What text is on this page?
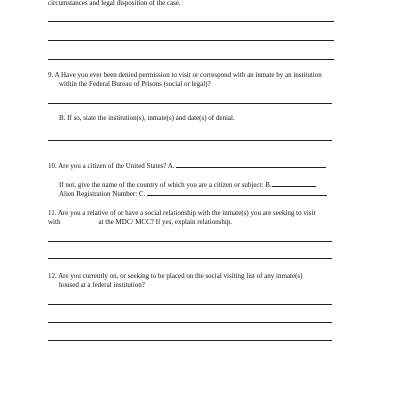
circumstances and legal disposition of the case.
9. A Have you ever been denied permission to visit or correspond with an inmate by an institution
within the Federal Bureau of Prisons (social or legal)?
B. If so, state the institution(s), inmate(s) and date(s) of denial.
10. Are you a citizen of the United States? A.
If not, give the name of the country of which you are a citizen or subject: B.
Alien Registration Number: C.
11. Are you a relative of or have a social relationship with the inmate(s) you are seeking to visit
with	at the MDC/ MCC? If yes, explain relationship.
12. Are you currently on, or seeking to be placed on the social visiting list of any inmate(s)
housed at a federal institution?
